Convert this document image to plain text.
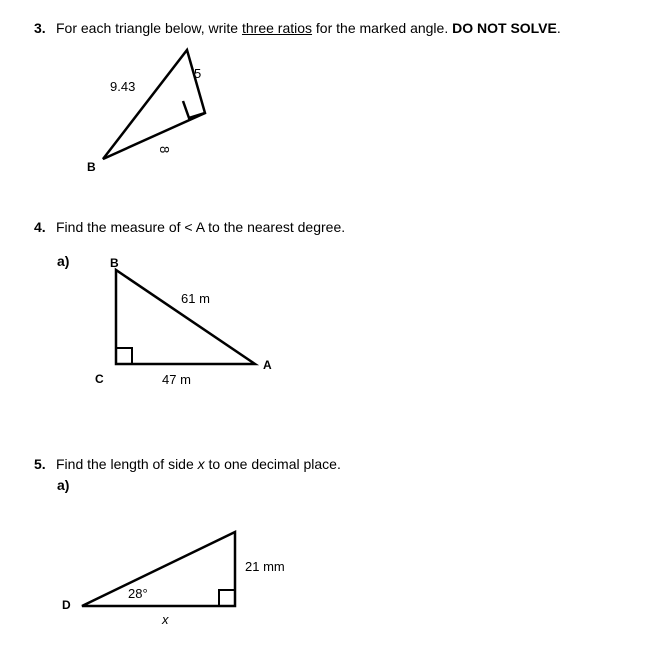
3. For each triangle below, write three ratios for the marked angle. DO NOT SOLVE.
4. Find the measure of < A to the nearest degree.
a)
5. Find the length of side x to one decimal place.
a)
9.43
5
8
B
B
C
A
61 m
47 m
D
28°
21 mm
x
